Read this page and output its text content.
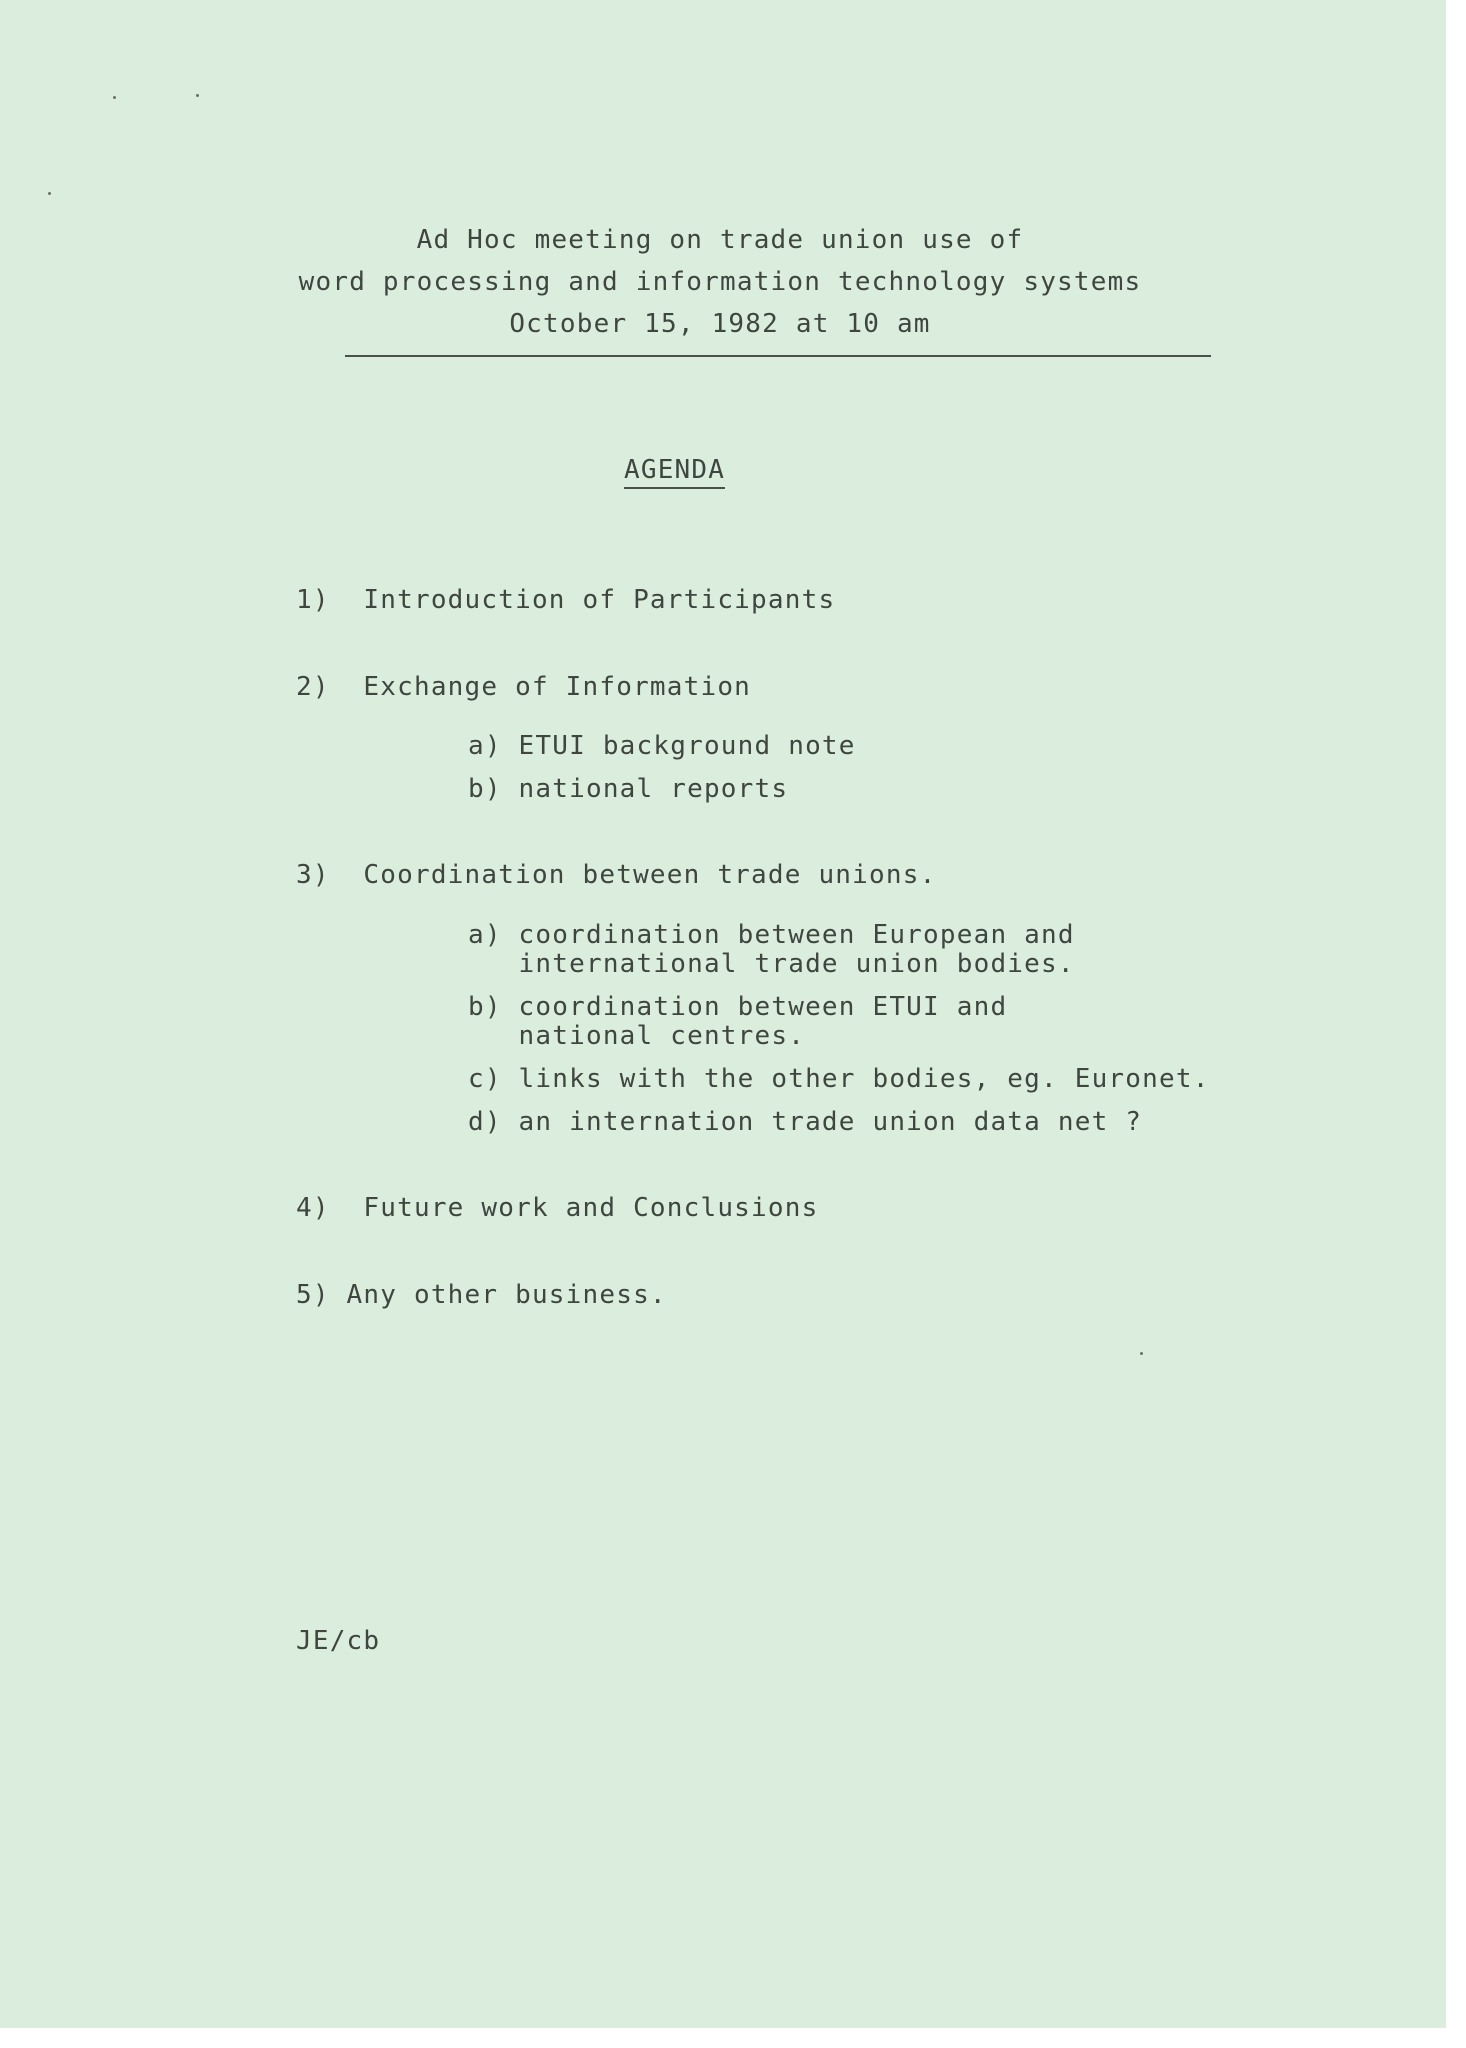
Ad Hoc meeting on trade union use of
word processing and information technology systems
October 15, 1982 at 10 am
AGENDA
1)  Introduction of Participants
2)  Exchange of Information
a) ETUI background note
b) national reports
3)  Coordination between trade unions.
a) coordination between European and
international trade union bodies.
b) coordination between ETUI and
national centres.
c) links with the other bodies, eg. Euronet.
d) an internation trade union data net ?
4)  Future work and Conclusions
5) Any other business.
JE/cb
